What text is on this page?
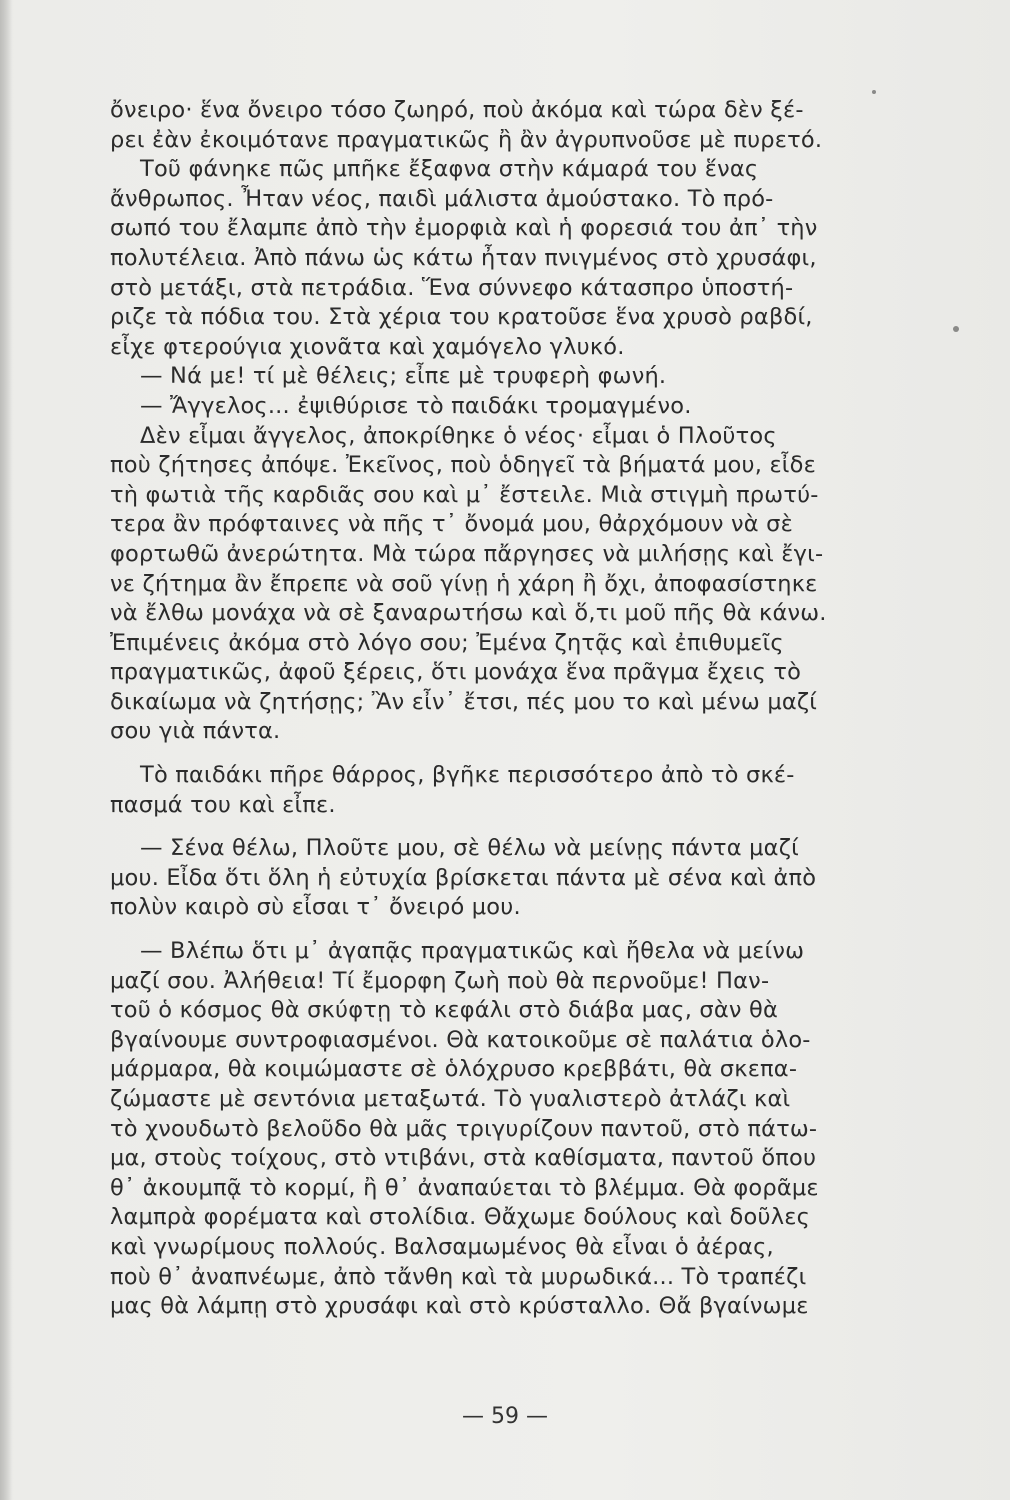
ὄνειρο· ἕνα ὄνειρο τόσο ζωηρό, ποὺ ἀκόμα καὶ τώρα δὲν ξέ-
ρει ἐὰν ἐκοιμότανε πραγματικῶς ἢ ἂν ἀγρυπνοῦσε μὲ πυρετό.
Τοῦ φάνηκε πῶς μπῆκε ἔξαφνα στὴν κάμαρά του ἕνας
ἄνθρωπος. Ἦταν νέος, παιδὶ μάλιστα ἀμούστακο. Τὸ πρό-
σωπό του ἔλαμπε ἀπὸ τὴν ἐμορφιὰ καὶ ἡ φορεσιά του ἀπ᾽ τὴν
πολυτέλεια. Ἀπὸ πάνω ὡς κάτω ἦταν πνιγμένος στὸ χρυσάφι,
στὸ μετάξι, στὰ πετράδια. Ἕνα σύννεφο κάτασπρο ὑποστή-
ριζε τὰ πόδια του. Στὰ χέρια του κρατοῦσε ἕνα χρυσὸ ραβδί,
εἶχε φτερούγια χιονᾶτα καὶ χαμόγελο γλυκό.
— Νά με! τί μὲ θέλεις; εἶπε μὲ τρυφερὴ φωνή.
— Ἄγγελος... ἐψιθύρισε τὸ παιδάκι τρομαγμένο.
Δὲν εἶμαι ἄγγελος, ἀποκρίθηκε ὁ νέος· εἶμαι ὁ Πλοῦτος
ποὺ ζήτησες ἀπόψε. Ἐκεῖνος, ποὺ ὁδηγεῖ τὰ βήματά μου, εἶδε
τὴ φωτιὰ τῆς καρδιᾶς σου καὶ μ᾽ ἔστειλε. Μιὰ στιγμὴ πρωτύ-
τερα ἂν πρόφταινες νὰ πῆς τ᾽ ὄνομά μου, θἀρχόμουν νὰ σὲ
φορτωθῶ ἀνερώτητα. Μὰ τώρα πἄργησες νὰ μιλήσῃς καὶ ἔγι-
νε ζήτημα ἂν ἔπρεπε νὰ σοῦ γίνῃ ἡ χάρη ἢ ὄχι, ἀποφασίστηκε
νὰ ἔλθω μονάχα νὰ σὲ ξαναρωτήσω καὶ ὅ,τι μοῦ πῆς θὰ κάνω.
Ἐπιμένεις ἀκόμα στὸ λόγο σου; Ἐμένα ζητᾷς καὶ ἐπιθυμεῖς
πραγματικῶς, ἀφοῦ ξέρεις, ὅτι μονάχα ἕνα πρᾶγμα ἔχεις τὸ
δικαίωμα νὰ ζητήσῃς; Ἂν εἶν᾽ ἔτσι, πές μου το καὶ μένω μαζί
σου γιὰ πάντα.
Τὸ παιδάκι πῆρε θάρρος, βγῆκε περισσότερο ἀπὸ τὸ σκέ-
πασμά του καὶ εἶπε.
— Σένα θέλω, Πλοῦτε μου, σὲ θέλω νὰ μείνῃς πάντα μαζί
μου. Εἶδα ὅτι ὅλη ἡ εὐτυχία βρίσκεται πάντα μὲ σένα καὶ ἀπὸ
πολὺν καιρὸ σὺ εἶσαι τ᾽ ὄνειρό μου.
— Βλέπω ὅτι μ᾽ ἀγαπᾷς πραγματικῶς καὶ ἤθελα νὰ μείνω
μαζί σου. Ἀλήθεια! Τί ἔμορφη ζωὴ ποὺ θὰ περνοῦμε! Παν-
τοῦ ὁ κόσμος θὰ σκύφτῃ τὸ κεφάλι στὸ διάβα μας, σὰν θὰ
βγαίνουμε συντροφιασμένοι. Θὰ κατοικοῦμε σὲ παλάτια ὁλο-
μάρμαρα, θὰ κοιμώμαστε σὲ ὁλόχρυσο κρεββάτι, θὰ σκεπα-
ζώμαστε μὲ σεντόνια μεταξωτά. Τὸ γυαλιστερὸ ἀτλάζι καὶ
τὸ χνουδωτὸ βελοῦδο θὰ μᾶς τριγυρίζουν παντοῦ, στὸ πάτω-
μα, στοὺς τοίχους, στὸ ντιβάνι, στὰ καθίσματα, παντοῦ ὅπου
θ᾽ ἀκουμπᾷ τὸ κορμί, ἢ θ᾽ ἀναπαύεται τὸ βλέμμα. Θὰ φορᾶμε
λαμπρὰ φορέματα καὶ στολίδια. Θἄχωμε δούλους καὶ δοῦλες
καὶ γνωρίμους πολλούς. Βαλσαμωμένος θὰ εἶναι ὁ ἀέρας,
ποὺ θ᾽ ἀναπνέωμε, ἀπὸ τἄνθη καὶ τὰ μυρωδικά... Τὸ τραπέζι
μας θὰ λάμπῃ στὸ χρυσάφι καὶ στὸ κρύσταλλο. Θἄ βγαίνωμε
— 59 —
